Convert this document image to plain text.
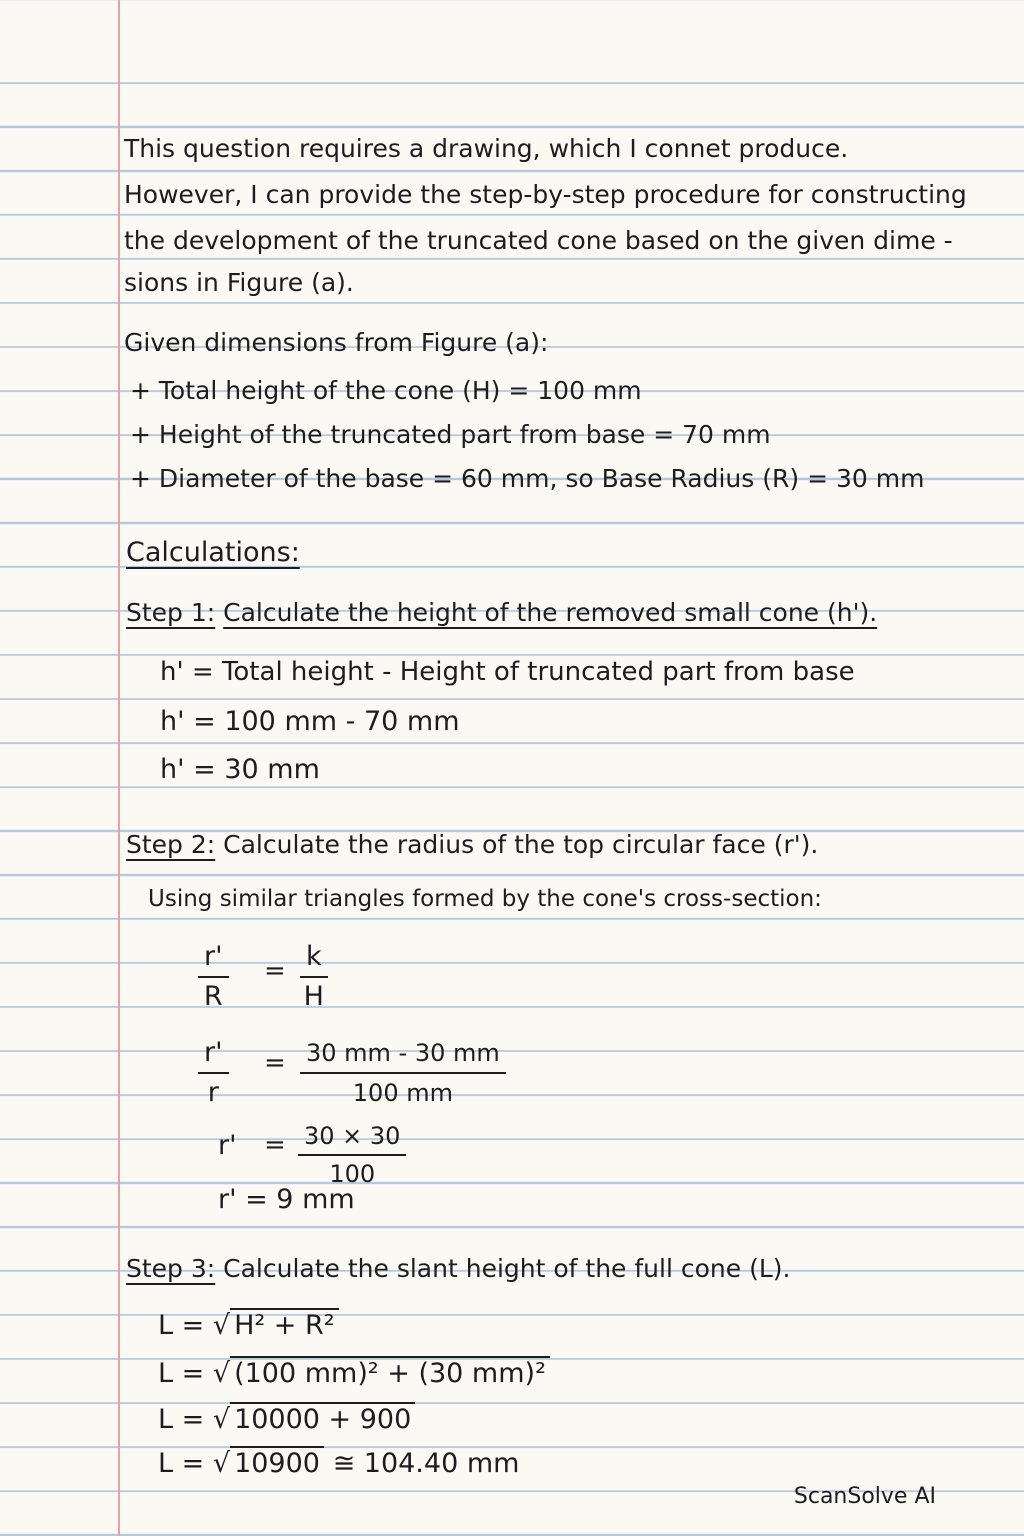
This question requires a drawing, which I connet produce.
However, I can provide the step-by-step procedure for constructing
the development of the truncated cone based on the given dime -
sions in Figure (a).
Given dimensions from Figure (a):
+ Total height of the cone (H) = 100 mm
+ Height of the truncated part from base = 70 mm
+ Diameter of the base = 60 mm, so Base Radius (R) = 30 mm
Calculations:
Step 1: Calculate the height of the removed small cone (h').
h' = Total height - Height of truncated part from base
h' = 100 mm - 70 mm
h' = 30 mm
Step 2: Calculate the radius of the top circular face (r').
Using similar triangles formed by the cone's cross-section:
$\frac{r'}{R} = \frac{k}{H}$
$\frac{r'}{r} = \frac{30 mm - 30 mm}{100 mm}$
$r' = \frac{30 \times 30}{100}$
r' = 9 mm
Step 3: Calculate the slant height of the full cone (L).
L = √ H² + R²
L = √ (100 mm)² + (30 mm)²
L = √ 10000 + 900
L = √ 10900 ≅ 104.40 mm
ScanSolve AI
